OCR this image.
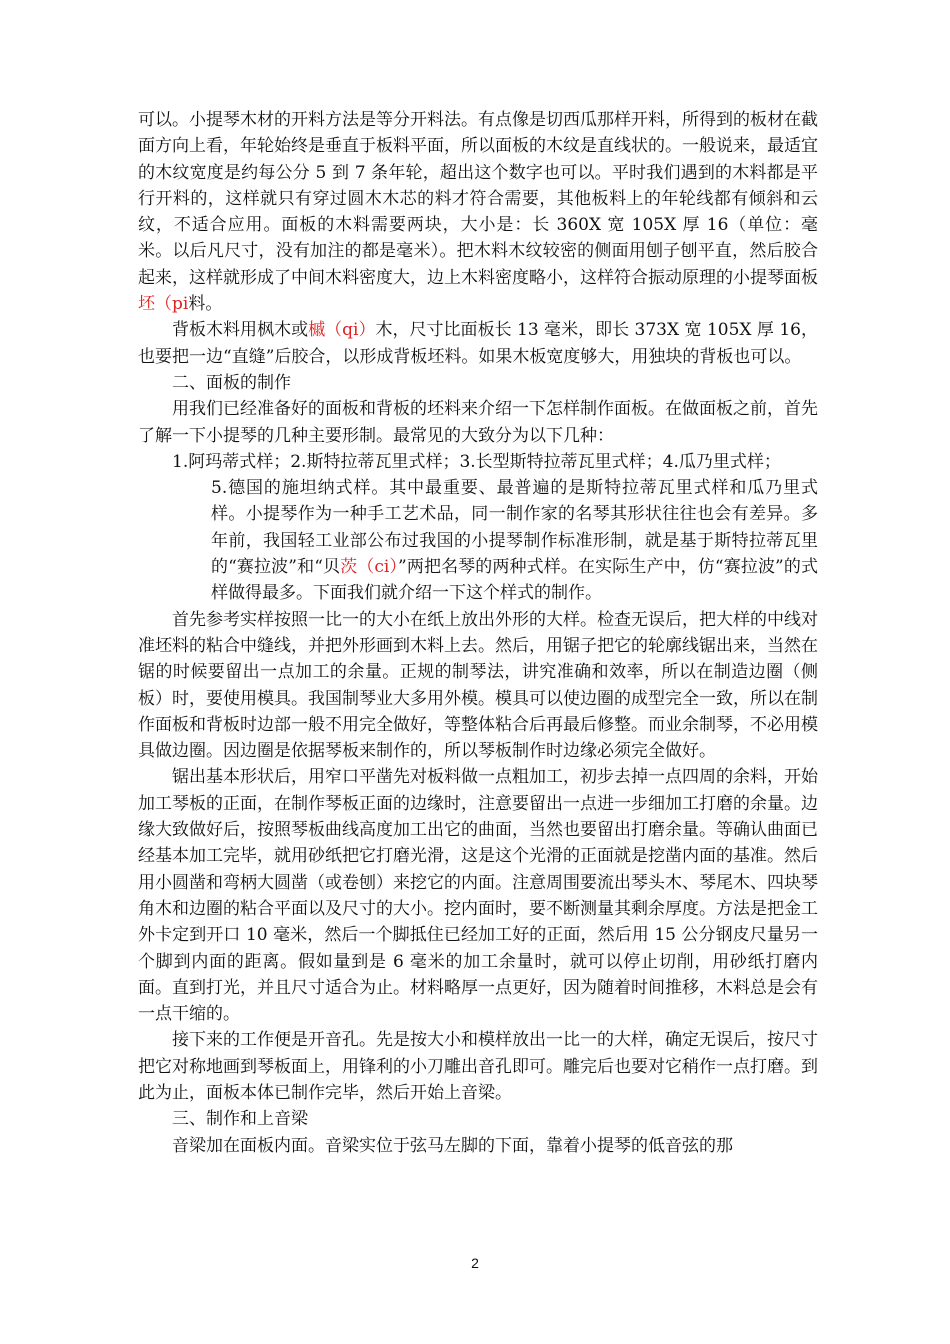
可以。小提琴木材的开料方法是等分开料法。有点像是切西瓜那样开料，所得到的板材在截面方向上看，年轮始终是垂直于板料平面，所以面板的木纹是直线状的。一般说来，最适宜的木纹宽度是约每公分 5 到 7 条年轮，超出这个数字也可以。平时我们遇到的木料都是平行开料的，这样就只有穿过圆木木芯的料才符合需要，其他板料上的年轮线都有倾斜和云纹，不适合应用。面板的木料需要两块，大小是：长 360X 宽 105X 厚 16（单位：毫米。以后凡尺寸，没有加注的都是毫米）。把木料木纹较密的侧面用刨子刨平直，然后胶合起来，这样就形成了中间木料密度大，边上木料密度略小，这样符合振动原理的小提琴面板坯（pi料。

背板木料用枫木或槭（qi）木，尺寸比面板长 13 毫米，即长 373X 宽 105X 厚 16，也要把一边“直缝”后胶合，以形成背板坯料。如果木板宽度够大，用独块的背板也可以。

二、面板的制作

用我们已经准备好的面板和背板的坯料来介绍一下怎样制作面板。在做面板之前，首先了解一下小提琴的几种主要形制。最常见的大致分为以下几种：

1.阿玛蒂式样；2.斯特拉蒂瓦里式样；3.长型斯特拉蒂瓦里式样；4.瓜乃里式样；

5.德国的施坦纳式样。其中最重要、最普遍的是斯特拉蒂瓦里式样和瓜乃里式样。小提琴作为一种手工艺术品，同一制作家的名琴其形状往往也会有差异。多年前，我国轻工业部公布过我国的小提琴制作标准形制，就是基于斯特拉蒂瓦里的“赛拉波”和“贝茨（ci）”两把名琴的两种式样。在实际生产中，仿“赛拉波”的式样做得最多。下面我们就介绍一下这个样式的制作。

首先参考实样按照一比一的大小在纸上放出外形的大样。检查无误后，把大样的中线对准坯料的粘合中缝线，并把外形画到木料上去。然后，用锯子把它的轮廓线锯出来，当然在锯的时候要留出一点加工的余量。正规的制琴法，讲究准确和效率，所以在制造边圈（侧板）时，要使用模具。我国制琴业大多用外模。模具可以使边圈的成型完全一致，所以在制作面板和背板时边部一般不用完全做好，等整体粘合后再最后修整。而业余制琴，不必用模具做边圈。因边圈是依据琴板来制作的，所以琴板制作时边缘必须完全做好。

锯出基本形状后，用窄口平凿先对板料做一点粗加工，初步去掉一点四周的余料，开始加工琴板的正面，在制作琴板正面的边缘时，注意要留出一点进一步细加工打磨的余量。边缘大致做好后，按照琴板曲线高度加工出它的曲面，当然也要留出打磨余量。等确认曲面已经基本加工完毕，就用砂纸把它打磨光滑，这是这个光滑的正面就是挖凿内面的基准。然后用小圆凿和弯柄大圆凿（或卷刨）来挖它的内面。注意周围要流出琴头木、琴尾木、四块琴角木和边圈的粘合平面以及尺寸的大小。挖内面时，要不断测量其剩余厚度。方法是把金工外卡定到开口 10 毫米，然后一个脚抵住已经加工好的正面，然后用 15 公分钢皮尺量另一个脚到内面的距离。假如量到是 6 毫米的加工余量时，就可以停止切削，用砂纸打磨内面。直到打光，并且尺寸适合为止。材料略厚一点更好，因为随着时间推移，木料总是会有一点干缩的。

接下来的工作便是开音孔。先是按大小和模样放出一比一的大样，确定无误后，按尺寸把它对称地画到琴板面上，用锋利的小刀雕出音孔即可。雕完后也要对它稍作一点打磨。到此为止，面板本体已制作完毕，然后开始上音梁。

三、制作和上音梁

音梁加在面板内面。音梁实位于弦马左脚的下面，靠着小提琴的低音弦的那

2
